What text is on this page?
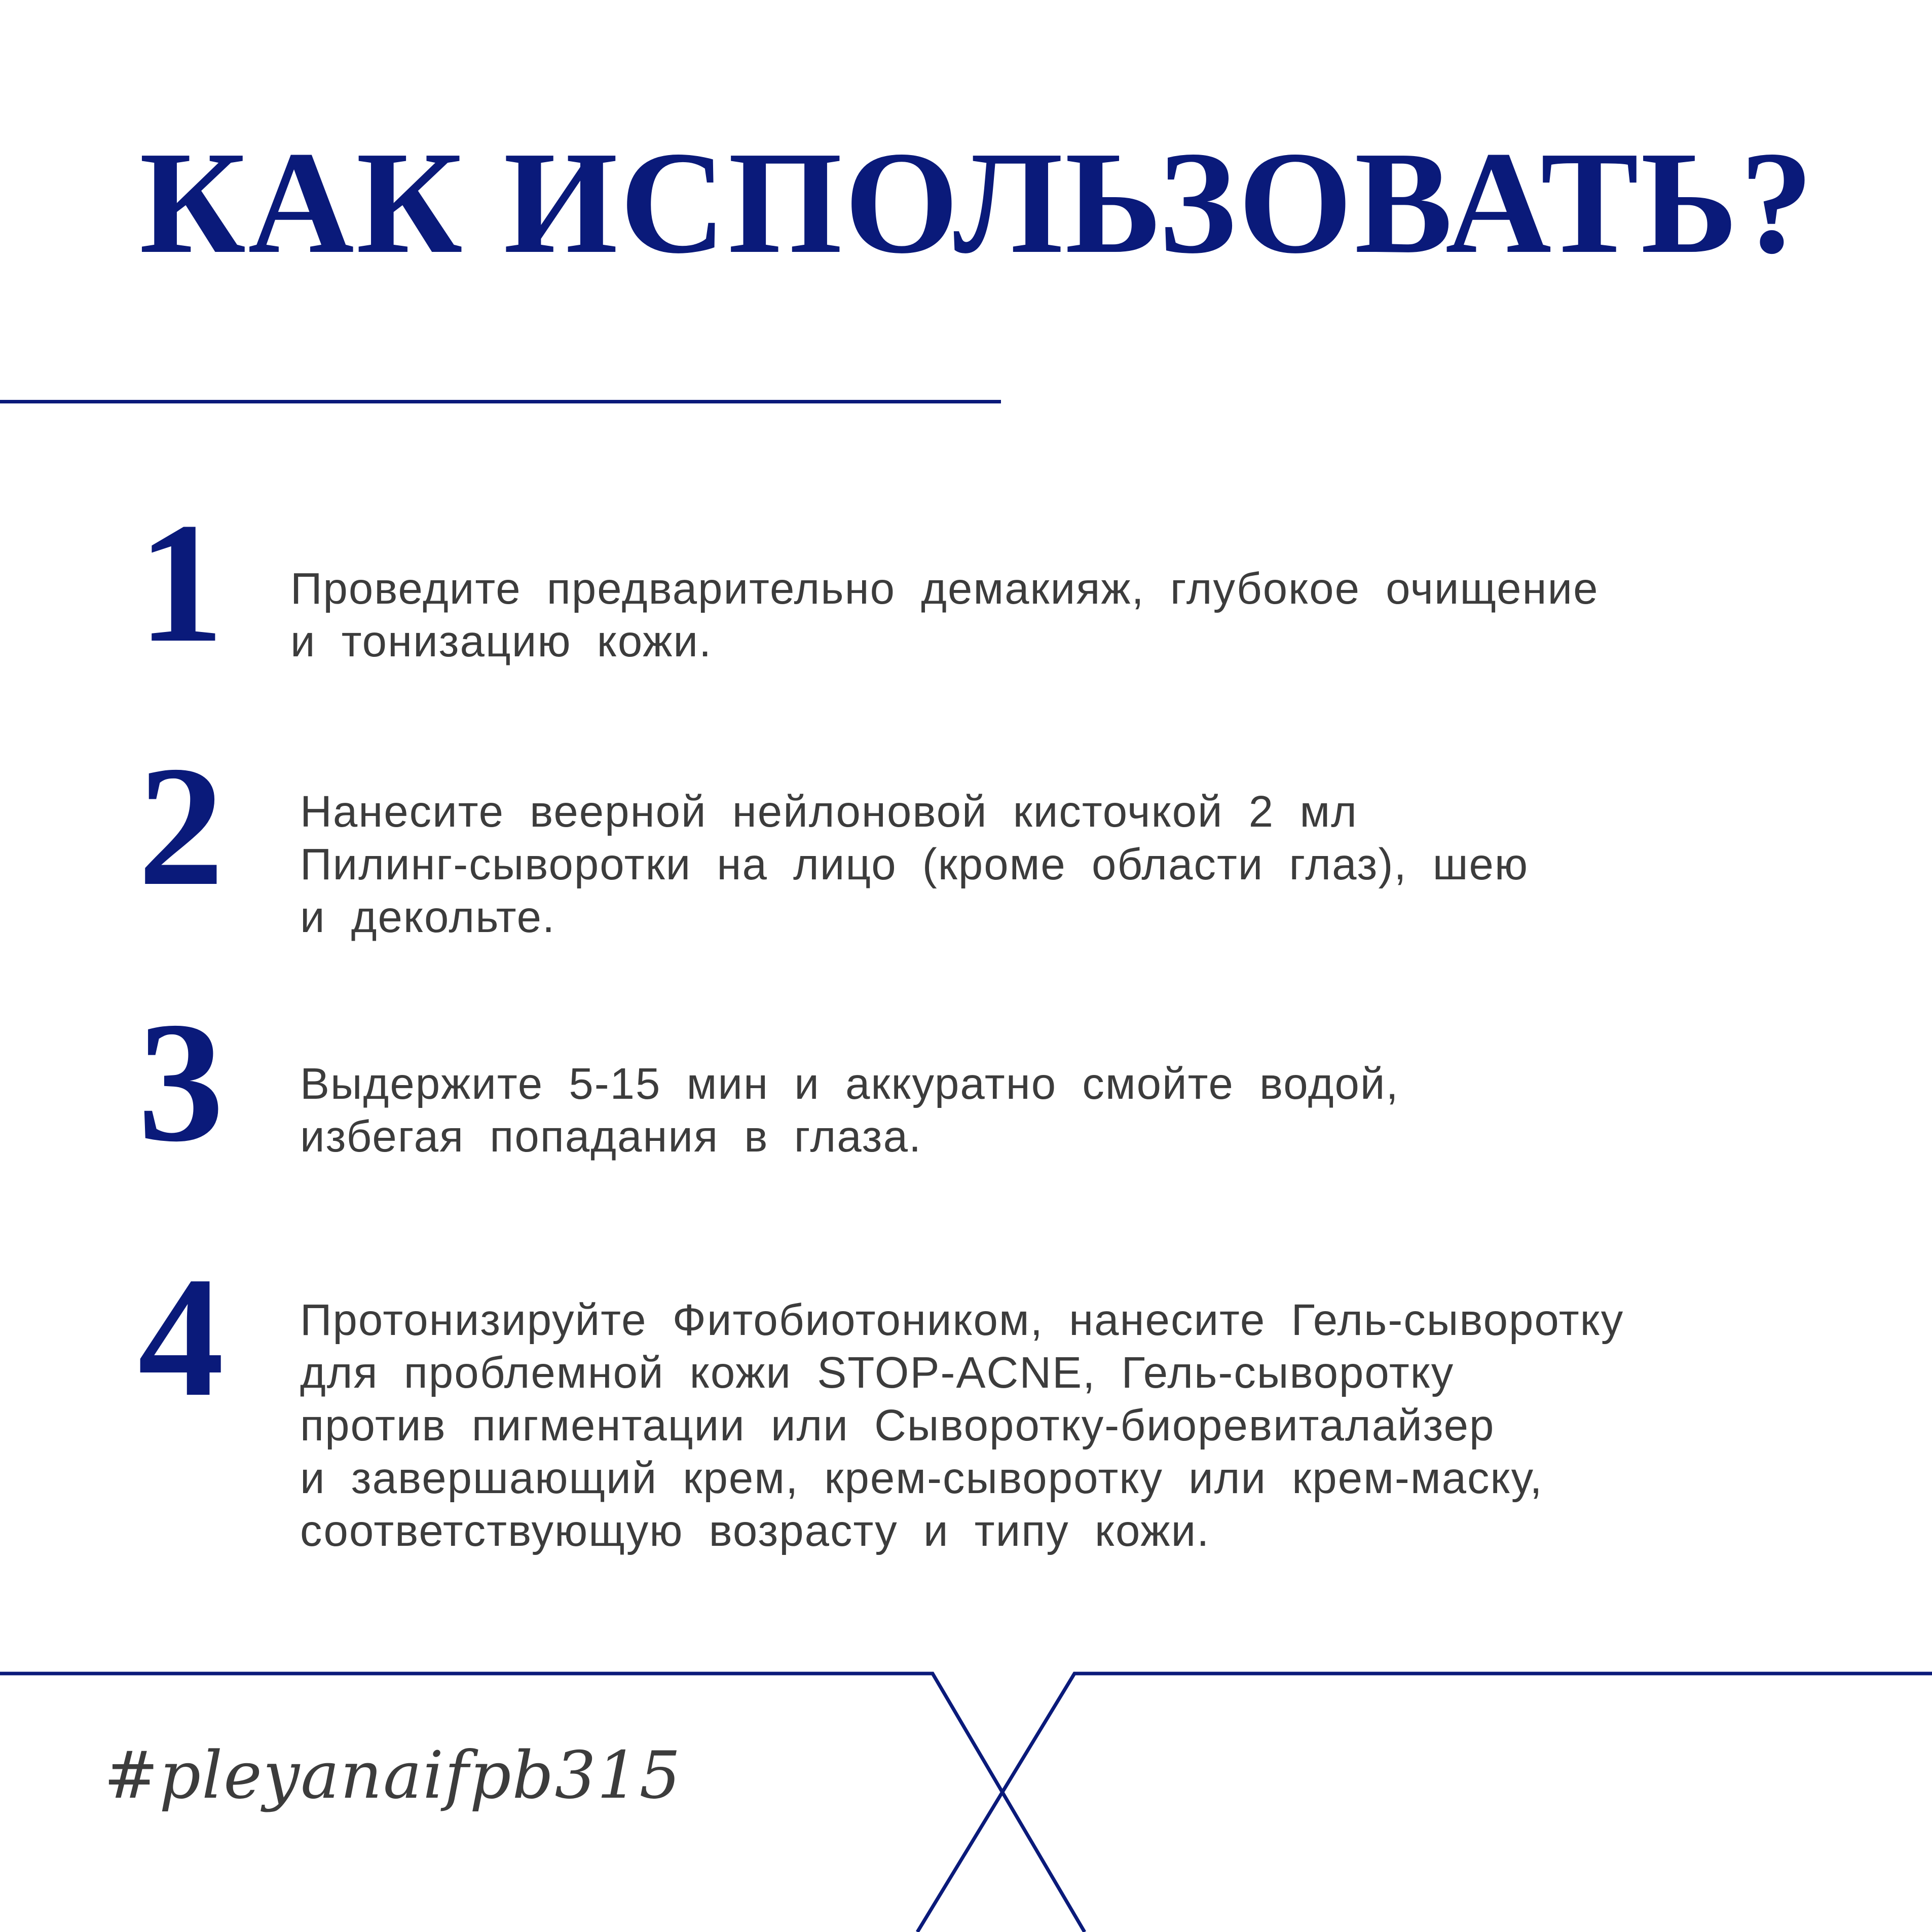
КАК ИСПОЛЬЗОВАТЬ?
1 Проведите предварительно демакияж, глубокое очищение
и тонизацию кожи.

2 Нанесите веерной нейлоновой кисточкой 2 мл
Пилинг-сыворотки на лицо (кроме области глаз), шею
и декольте.

3 Выдержите 5-15 мин и аккуратно смойте водой,
избегая попадания в глаза.

4 Протонизируйте Фитобиотоником, нанесите Гель-сыворотку
для проблемной кожи STOP-ACNE, Гель-сыворотку
против пигментации или Сыворотку-биоревиталайзер
и завершающий крем, крем-сыворотку или крем-маску,
соответствующую возрасту и типу кожи.

#pleyanaifpb315
